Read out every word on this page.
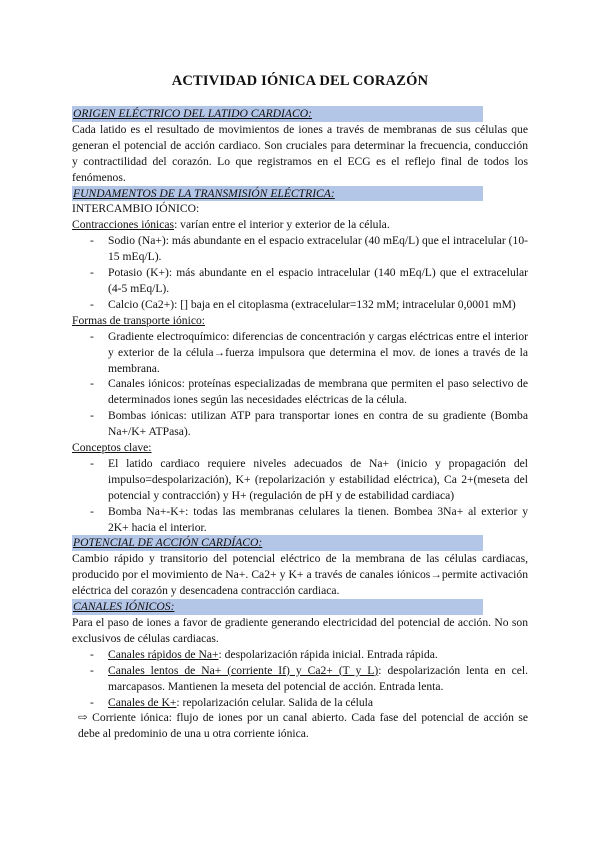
ACTIVIDAD IÓNICA DEL CORAZÓN
ORIGEN ELÉCTRICO DEL LATIDO CARDIACO:
Cada latido es el resultado de movimientos de iones a través de membranas de sus células que generan el potencial de acción cardiaco. Son cruciales para determinar la frecuencia, conducción y contractilidad del corazón. Lo que registramos en el ECG es el reflejo final de todos los fenómenos.
FUNDAMENTOS DE LA TRANSMISIÓN ELÉCTRICA:
INTERCAMBIO IÓNICO:
Contracciones iónicas: varían entre el interior y exterior de la célula.
- Sodio (Na+): más abundante en el espacio extracelular (40 mEq/L) que el intracelular (10-15 mEq/L).
- Potasio (K+): más abundante en el espacio intracelular (140 mEq/L) que el extracelular (4-5 mEq/L).
- Calcio (Ca2+): [] baja en el citoplasma (extracelular=132 mM; intracelular 0,0001 mM)
Formas de transporte iónico:
- Gradiente electroquímico: diferencias de concentración y cargas eléctricas entre el interior y exterior de la célula→fuerza impulsora que determina el mov. de iones a través de la membrana.
- Canales iónicos: proteínas especializadas de membrana que permiten el paso selectivo de determinados iones según las necesidades eléctricas de la célula.
- Bombas iónicas: utilizan ATP para transportar iones en contra de su gradiente (Bomba Na+/K+ ATPasa).
Conceptos clave:
- El latido cardiaco requiere niveles adecuados de Na+ (inicio y propagación del impulso=despolarización), K+ (repolarización y estabilidad eléctrica), Ca 2+(meseta del potencial y contracción) y H+ (regulación de pH y de estabilidad cardiaca)
- Bomba Na+-K+: todas las membranas celulares la tienen. Bombea 3Na+ al exterior y 2K+ hacia el interior.
POTENCIAL DE ACCIÓN CARDÍACO:
Cambio rápido y transitorio del potencial eléctrico de la membrana de las células cardiacas, producido por el movimiento de Na+. Ca2+ y K+ a través de canales iónicos→permite activación eléctrica del corazón y desencadena contracción cardiaca.
CANALES IÓNICOS:
Para el paso de iones a favor de gradiente generando electricidad del potencial de acción. No son exclusivos de células cardiacas.
- Canales rápidos de Na+: despolarización rápida inicial. Entrada rápida.
- Canales lentos de Na+ (corriente If) y Ca2+ (T y L): despolarización lenta en cel. marcapasos. Mantienen la meseta del potencial de acción. Entrada lenta.
- Canales de K+: repolarización celular. Salida de la célula
⇨ Corriente iónica: flujo de iones por un canal abierto. Cada fase del potencial de acción se debe al predominio de una u otra corriente iónica.
